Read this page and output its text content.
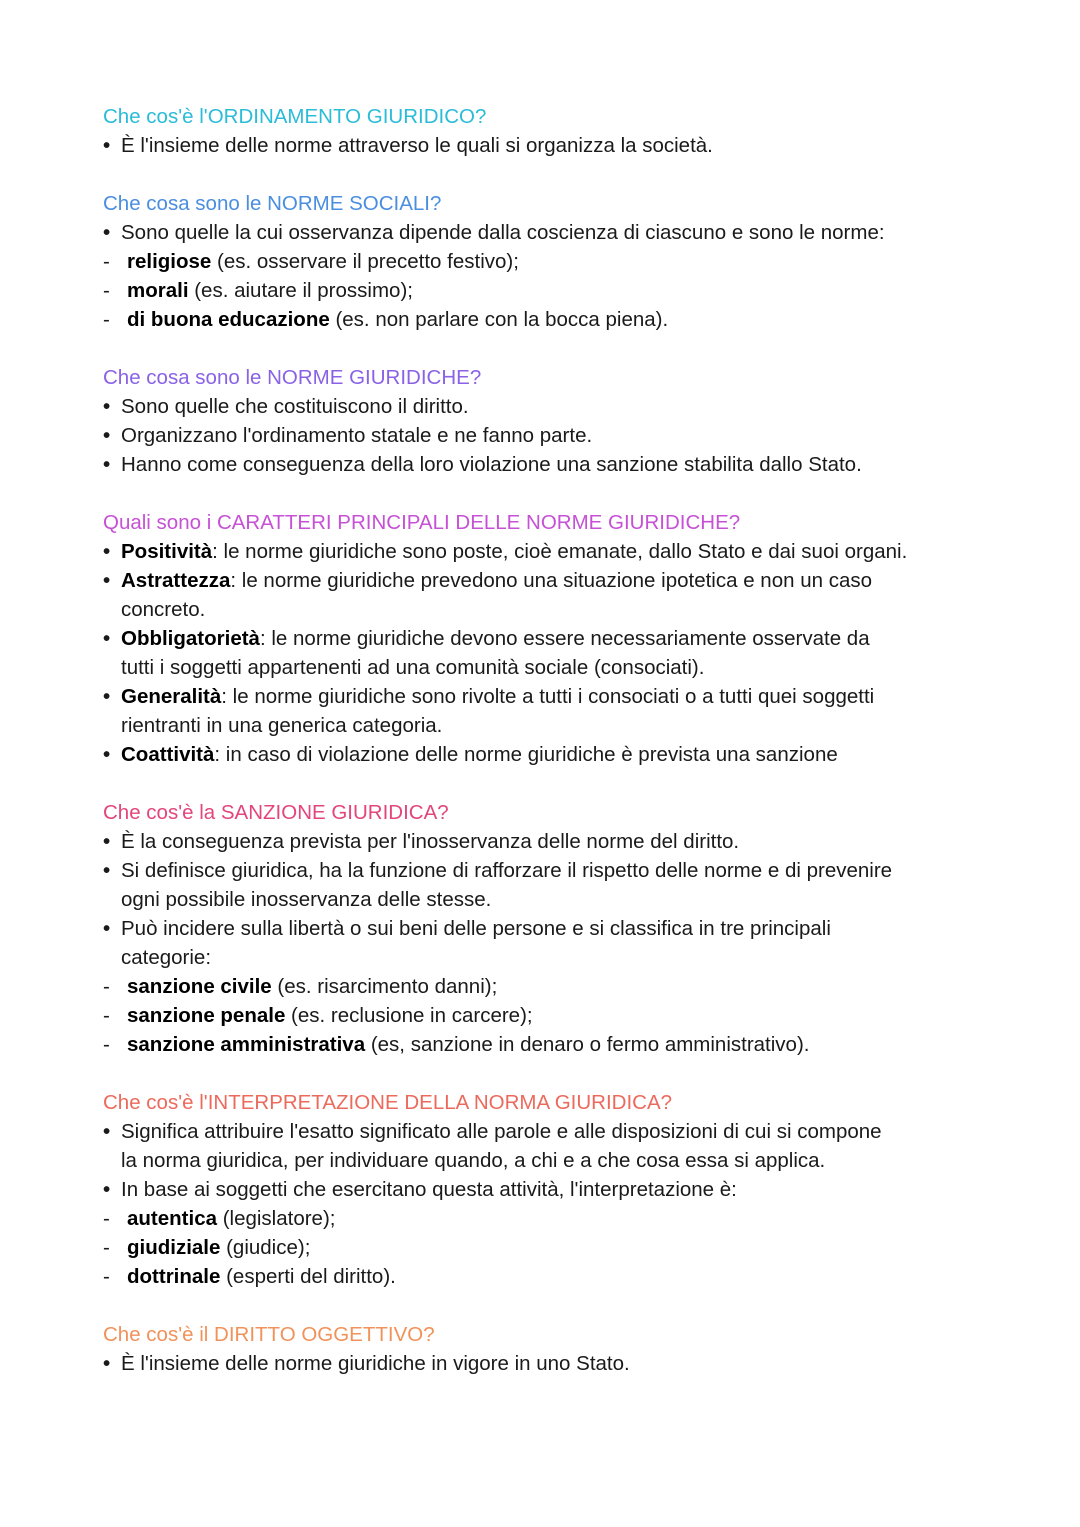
Che cos'è l'ORDINAMENTO GIURIDICO?
• È l'insieme delle norme attraverso le quali si organizza la società.
Che cosa sono le NORME SOCIALI?
• Sono quelle la cui osservanza dipende dalla coscienza di ciascuno e sono le norme:
- religiose (es. osservare il precetto festivo);
- morali (es. aiutare il prossimo);
- di buona educazione (es. non parlare con la bocca piena).
Che cosa sono le NORME GIURIDICHE?
• Sono quelle che costituiscono il diritto.
• Organizzano l'ordinamento statale e ne fanno parte.
• Hanno come conseguenza della loro violazione una sanzione stabilita dallo Stato.
Quali sono i CARATTERI PRINCIPALI DELLE NORME GIURIDICHE?
• Positività: le norme giuridiche sono poste, cioè emanate, dallo Stato e dai suoi organi.
• Astrattezza: le norme giuridiche prevedono una situazione ipotetica e non un caso
concreto.
• Obbligatorietà: le norme giuridiche devono essere necessariamente osservate da
tutti i soggetti appartenenti ad una comunità sociale (consociati).
• Generalità: le norme giuridiche sono rivolte a tutti i consociati o a tutti quei soggetti
rientranti in una generica categoria.
• Coattività: in caso di violazione delle norme giuridiche è prevista una sanzione
Che cos'è la SANZIONE GIURIDICA?
• È la conseguenza prevista per l'inosservanza delle norme del diritto.
• Si definisce giuridica, ha la funzione di rafforzare il rispetto delle norme e di prevenire
ogni possibile inosservanza delle stesse.
• Può incidere sulla libertà o sui beni delle persone e si classifica in tre principali
categorie:
- sanzione civile (es. risarcimento danni);
- sanzione penale (es. reclusione in carcere);
- sanzione amministrativa (es, sanzione in denaro o fermo amministrativo).
Che cos'è l'INTERPRETAZIONE DELLA NORMA GIURIDICA?
• Significa attribuire l'esatto significato alle parole e alle disposizioni di cui si compone
la norma giuridica, per individuare quando, a chi e a che cosa essa si applica.
• In base ai soggetti che esercitano questa attività, l'interpretazione è:
- autentica (legislatore);
- giudiziale (giudice);
- dottrinale (esperti del diritto).
Che cos'è il DIRITTO OGGETTIVO?
• È l'insieme delle norme giuridiche in vigore in uno Stato.
